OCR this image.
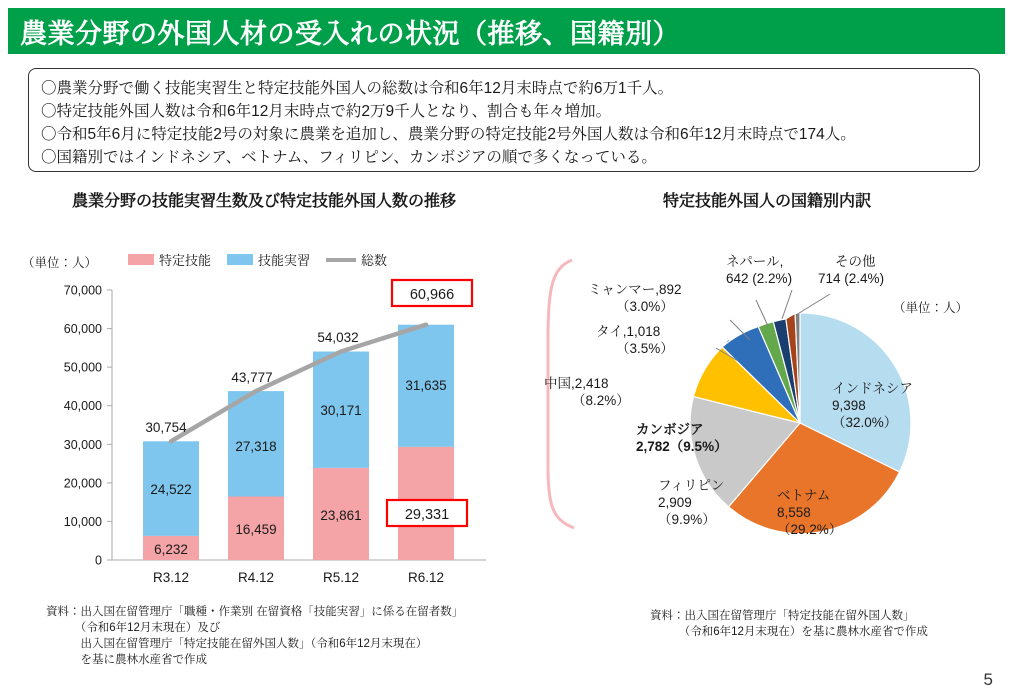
農業分野の外国人材の受入れの状況（推移、国籍別）
〇農業分野で働く技能実習生と特定技能外国人の総数は令和6年12月末時点で約6万1千人。
〇特定技能外国人数は令和6年12月末時点で約2万9千人となり、割合も年々増加。
〇令和5年6月に特定技能2号の対象に農業を追加し、農業分野の特定技能2号外国人数は令和6年12月末時点で174人。
〇国籍別ではインドネシア、ベトナム、フィリピン、カンボジアの順で多くなっている。
農業分野の技能実習生数及び特定技能外国人数の推移	特定技能外国人の国籍別内訳
（単位：人）	特定技能	技能実習	総数
0
10,000
20,000
30,000
40,000
50,000
60,000
70,000
30,754
43,777
54,032
60,966
24,522
27,318
30,171
31,635
6,232
16,459
23,861	29,331
R3.12	R4.12	R5.12	R6.12
ネパール,
642 (2.2%)
その他
714 (2.4%)
ミャンマー,892
（3.0%）
タイ,1,018
（3.5%）
中国,2,418
（8.2%）
カンボジア
2,782（9.5%）
フィリピン
2,909
（9.9%）
インドネシア
9,398
（32.0%）
ベトナム
8,558
（29.2%）
（単位：人）
資料：出入国在留管理庁「職種・作業別 在留資格「技能実習」に係る在留者数」
　　　（令和6年12月末現在）及び
　　　出入国在留管理庁「特定技能在留外国人数」（令和6年12月末現在）
　　　を基に農林水産省で作成
資料：出入国在留管理庁「特定技能在留外国人数」
　　　（令和6年12月末現在）を基に農林水産省で作成
5
